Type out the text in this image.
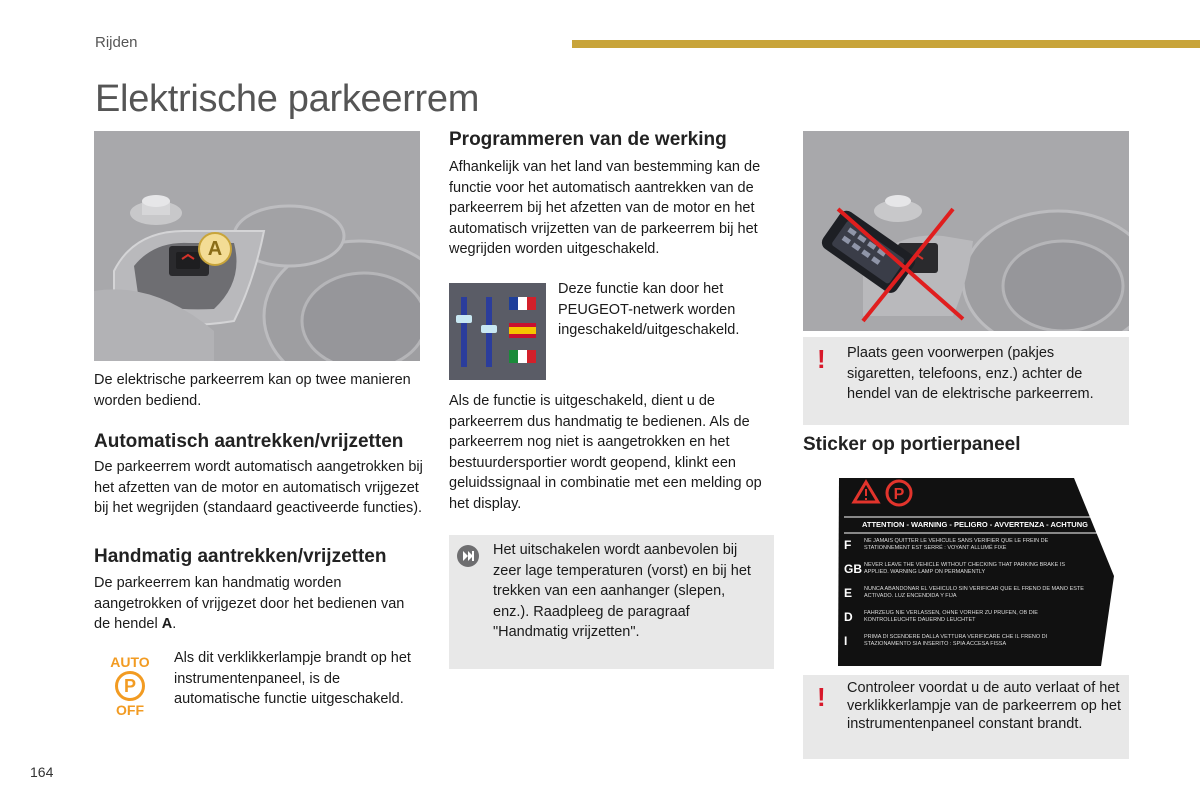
Rijden
Elektrische parkeerrem
A
De elektrische parkeerrem kan op twee manieren worden bediend.
Automatisch aantrekken/vrijzetten
De parkeerrem wordt automatisch aangetrokken bij het afzetten van de motor en automatisch vrijgezet bij het wegrijden (standaard geactiveerde functies).
Handmatig aantrekken/vrijzetten
De parkeerrem kan handmatig worden aangetrokken of vrijgezet door het bedienen van de hendel A.
AUTO
P
OFF
Als dit verklikkerlampje brandt op het instrumentenpaneel, is de automatische functie uitgeschakeld.
Programmeren van de werking
Afhankelijk van het land van bestemming kan de functie voor het automatisch aantrekken van de parkeerrem bij het afzetten van de motor en het automatisch vrijzetten van de parkeerrem bij het wegrijden worden uitgeschakeld.
Deze functie kan door het PEUGEOT-netwerk worden ingeschakeld/uitgeschakeld.
Als de functie is uitgeschakeld, dient u de parkeerrem dus handmatig te bedienen. Als de parkeerrem nog niet is aangetrokken en het bestuurdersportier wordt geopend, klinkt een geluidssignaal in combinatie met een melding op het display.
Het uitschakelen wordt aanbevolen bij zeer lage temperaturen (vorst) en bij het trekken van een aanhanger (slepen, enz.). Raadpleeg de paragraaf "Handmatig vrijzetten".
! Plaats geen voorwerpen (pakjes sigaretten, telefoons, enz.) achter de hendel van de elektrische parkeerrem.
Sticker op portierpaneel
P
ATTENTION - WARNING - PELIGRO - AVVERTENZA - ACHTUNG
F	NE JAMAIS QUITTER LE VÉHICULE SANS VÉRIFIER QUE LE FREIN DE STATIONNEMENT EST SERRÉ : VOYANT ALLUMÉ FIXE
GB NEVER LEAVE THE VEHICLE WITHOUT CHECKING THAT PARKING BRAKE IS APPLIED. WARNING LAMP ON PERMANENTLY
E	NUNCA ABANDONAR EL VEHÍCULO SIN VERIFICAR QUE EL FRENO DE MANO ESTÉ ACTIVADO. LUZ ENCENDIDA Y FIJA
D	FAHRZEUG NIE VERLASSEN, OHNE VORHER ZU PRÜFEN, OB DIE KONTROLLEUCHTE DAUERND LEUCHTET
I	PRIMA DI SCENDERE DALLA VETTURA VERIFICARE CHE IL FRENO DI STAZIONAMENTO SIA INSERITO : SPIA ACCESA FISSA
! Controleer voordat u de auto verlaat of het verklikkerlampje van de parkeerrem op het instrumentenpaneel constant brandt.
164
